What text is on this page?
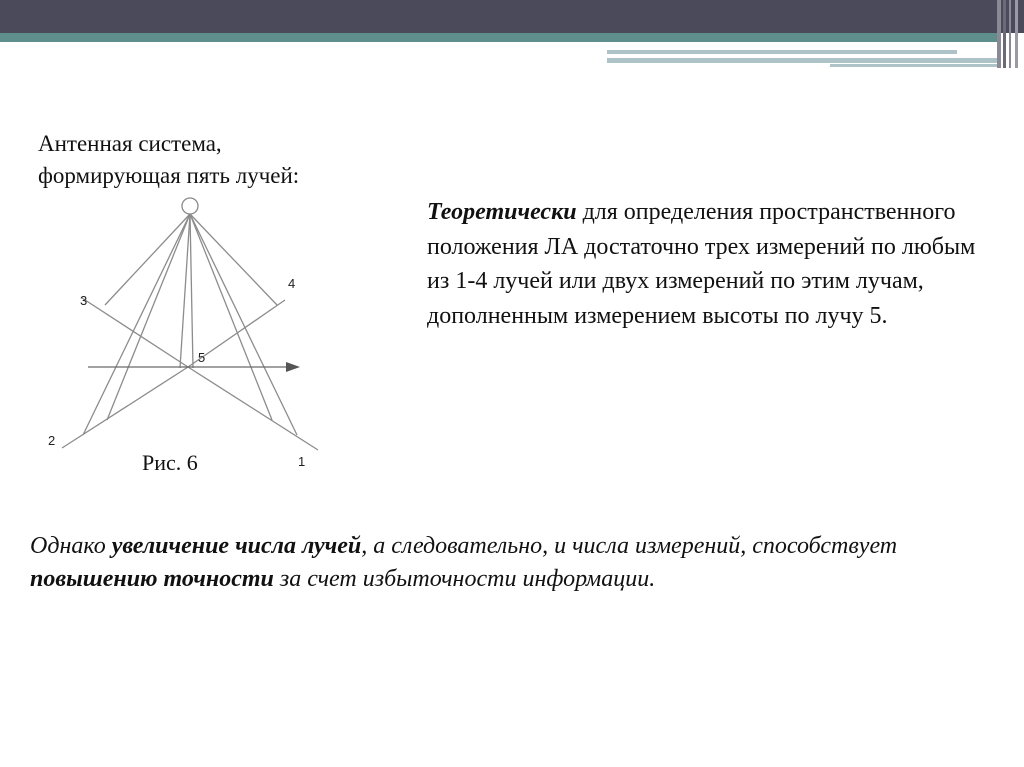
Антенная система,
формирующая пять лучей:
1
2
3
4
5
Рис. 6
Теоретически для определения пространственного положения ЛА достаточно трех измерений по любым из 1-4 лучей или двух измерений по этим лучам, дополненным измерением высоты по лучу 5.
Однако увеличение числа лучей, а следовательно, и числа измерений, способствует повышению точности за счет избыточности информации.
